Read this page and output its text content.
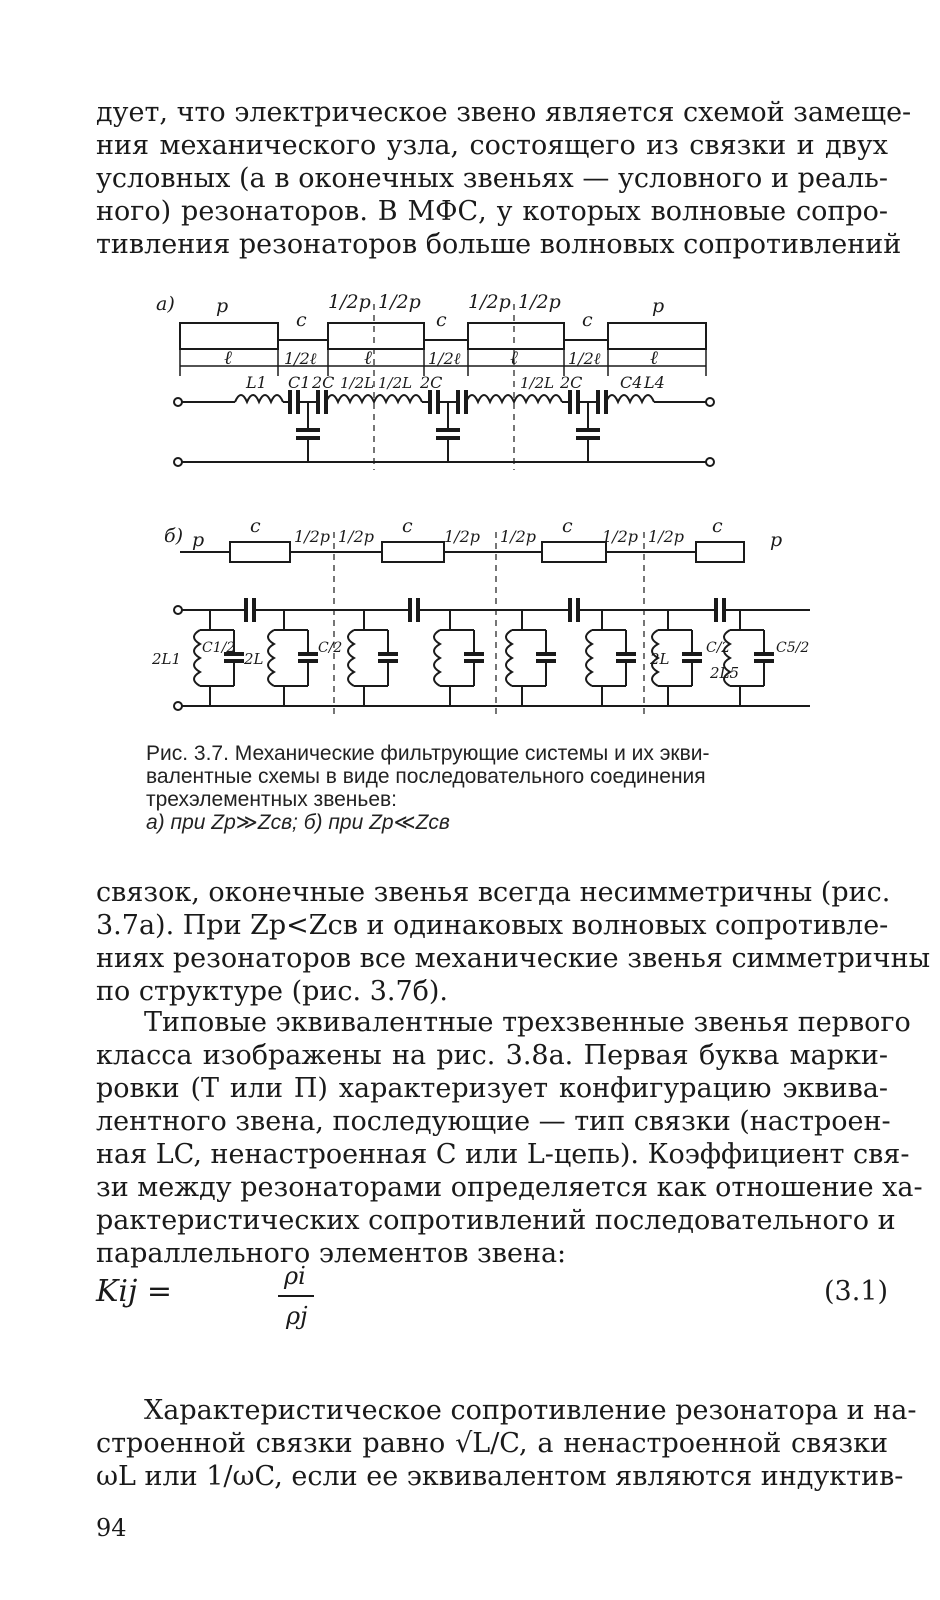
дует, что электрическое звено является схемой замеще-
ния механического узла, состоящего из связки и двух
условных (а в оконечных звеньях — условного и реаль-
ного) резонаторов. В МФС, у которых волновые сопро-
тивления резонаторов больше волновых сопротивлений
а) p
c
1/2p 1/2p
c
1/2p 1/2p
c
p
ℓ	1/2ℓ	ℓ	1/2ℓ	ℓ	1/2ℓ	ℓ
L1 C1 2C 1/2L 1/2L 2C	1/2L 2C C4 L4
б) p
c 1/2p 1/2p c 1/2p 1/2p c 1/2p 1/2p c
p
2L1
C1/2
2L
C/2
2L
C/2
2L5
C5/2
Рис. 3.7. Механические фильтрующие системы и их экви-
валентные схемы в виде последовательного соединения
трехэлементных звеньев:
а) при Zр≫Zсв; б) при Zр≪Zсв
связок, оконечные звенья всегда несимметричны (рис.
3.7а). При Zр<Zсв и одинаковых волновых сопротивле-
ниях резонаторов все механические звенья симметричны
по структуре (рис. 3.7б).
Типовые эквивалентные трехзвенные звенья первого
класса изображены на рис. 3.8а. Первая буква марки-
ровки (Т или П) характеризует конфигурацию эквива-
лентного звена, последующие — тип связки (настроен-
ная LC, ненастроенная C или L-цепь). Коэффициент свя-
зи между резонаторами определяется как отношение ха-
рактеристических сопротивлений последовательного и
параллельного элементов звена:
Kij =	ρi
ρj
(3.1)
Характеристическое сопротивление резонатора и на-
строенной связки равно √L/C, а ненастроенной связки
ωL или 1/ωC, если ее эквивалентом являются индуктив-
94
